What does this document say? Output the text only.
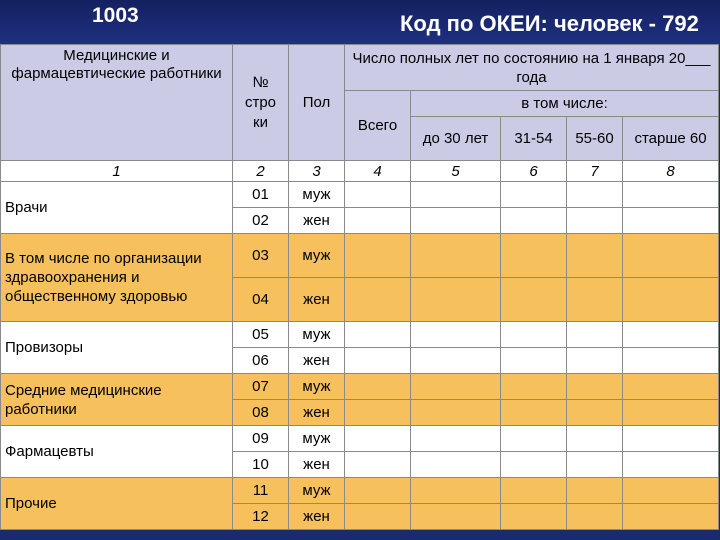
1003	Код по ОКЕИ: человек - 792
Медицинские и фармацевтические работники	№ стро ки	Пол	Число полных лет по состоянию на 1 января 20___ года				
			Всего	в том числе:			
				до 30 лет	31-54	55-60	старше 60
1	2	3	4	5	6	7	8
Врачи	01	муж					
	02	жен					
В том числе по организации здравоохранения и общественному здоровью	03	муж					
	04	жен					
Провизоры	05	муж					
	06	жен					
Средние медицинские работники	07	муж					
	08	жен					
Фармацевты	09	муж					
	10	жен					
Прочие	11	муж					
	12	жен					
